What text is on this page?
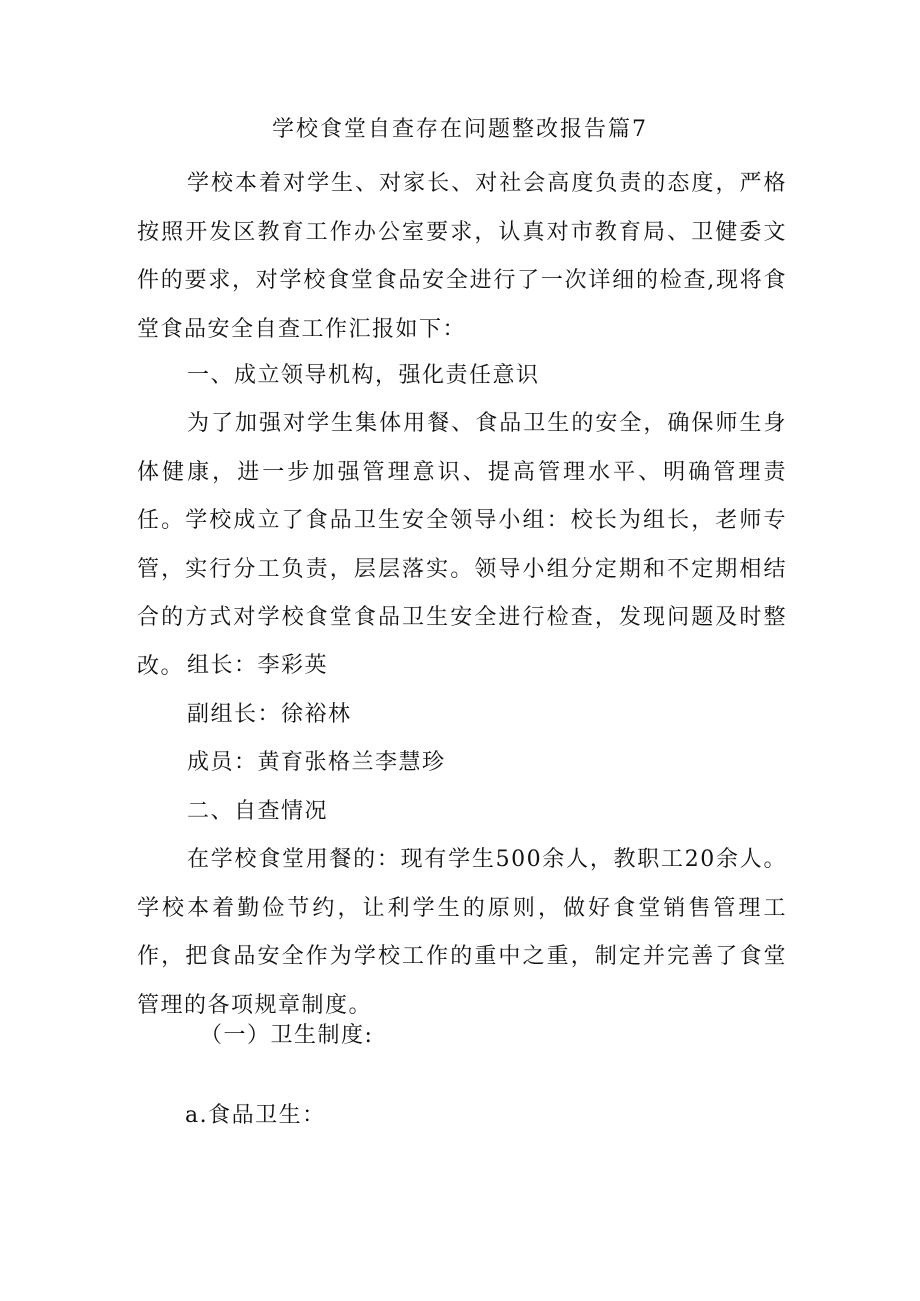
学校食堂自查存在问题整改报告篇7

学校本着对学生、对家长、对社会高度负责的态度，严格按照开发区教育工作办公室要求，认真对市教育局、卫健委文件的要求，对学校食堂食品安全进行了一次详细的检查,现将食堂食品安全自查工作汇报如下：

一、成立领导机构，强化责任意识

为了加强对学生集体用餐、食品卫生的安全，确保师生身体健康，进一步加强管理意识、提高管理水平、明确管理责任。学校成立了食品卫生安全领导小组：校长为组长，老师专管，实行分工负责，层层落实。领导小组分定期和不定期相结合的方式对学校食堂食品卫生安全进行检查，发现问题及时整改。 组长：李彩英

副组长：徐裕林

成员：黄育张格兰李慧珍

二、自查情况

在学校食堂用餐的：现有学生500余人，教职工20余人。学校本着勤俭节约，让利学生的原则，做好食堂销售管理工作，把食品安全作为学校工作的重中之重，制定并完善了食堂管理的各项规章制度。

（一）卫生制度:

a.食品卫生：
